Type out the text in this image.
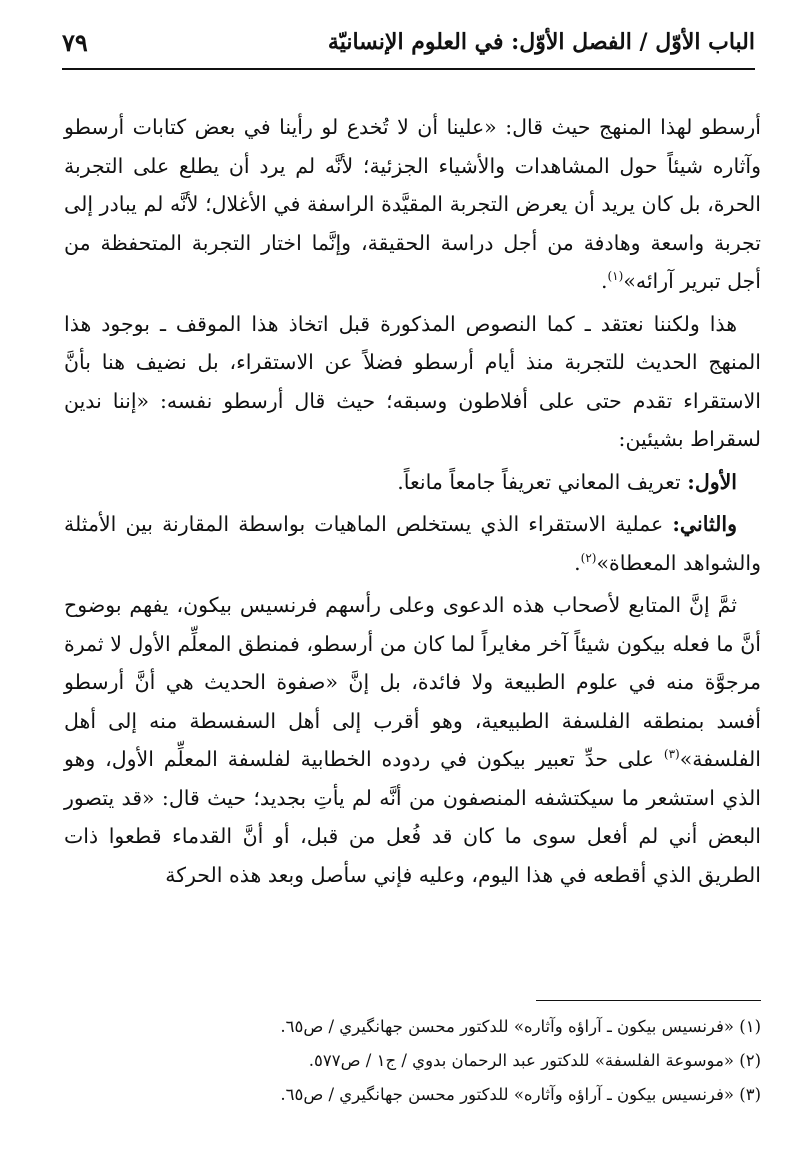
الباب الأوّل / الفصل الأوّل: في العلوم الإنسانيّة
٧٩

أرسطو لهذا المنهج حيث قال: «علينا أن لا تُخدع لو رأينا في بعض كتابات أرسطو وآثاره شيئاً حول المشاهدات والأشياء الجزئية؛ لأنَّه لم يرد أن يطلع على التجربة الحرة، بل كان يريد أن يعرض التجربة المقيَّدة الراسفة في الأغلال؛ لأنَّه لم يبادر إلى تجربة واسعة وهادفة من أجل دراسة الحقيقة، وإنَّما اختار التجربة المتحفظة من أجل تبرير آرائه»$^{(١)}$.

هذا ولكننا نعتقد ـ كما النصوص المذكورة قبل اتخاذ هذا الموقف ـ بوجود هذا المنهج الحديث للتجربة منذ أيام أرسطو فضلاً عن الاستقراء، بل نضيف هنا بأنَّ الاستقراء تقدم حتى على أفلاطون وسبقه؛ حيث قال أرسطو نفسه: «إننا ندين لسقراط بشيئين:

الأول: تعريف المعاني تعريفاً جامعاً مانعاً.

والثاني: عملية الاستقراء الذي يستخلص الماهيات بواسطة المقارنة بين الأمثلة والشواهد المعطاة»$^{(٢)}$.

ثمَّ إنَّ المتابع لأصحاب هذه الدعوى وعلى رأسهم فرنسيس بيكون، يفهم بوضوح أنَّ ما فعله بيكون شيئاً آخر مغايراً لما كان من أرسطو، فمنطق المعلِّم الأول لا ثمرة مرجوَّة منه في علوم الطبيعة ولا فائدة، بل إنَّ «صفوة الحديث هي أنَّ أرسطو أفسد بمنطقه الفلسفة الطبيعية، وهو أقرب إلى أهل السفسطة منه إلى أهل الفلسفة»$^{(٣)}$ على حدِّ تعبير بيكون في ردوده الخطابية لفلسفة المعلِّم الأول، وهو الذي استشعر ما سيكتشفه المنصفون من أنَّه لم يأتِ بجديد؛ حيث قال: «قد يتصور البعض أني لم أفعل سوى ما كان قد فُعل من قبل، أو أنَّ القدماء قطعوا ذات الطريق الذي أقطعه في هذا اليوم، وعليه فإني سأصل وبعد هذه الحركة

(١) «فرنسيس بيكون ـ آراؤه وآثاره» للدكتور محسن جهانگيري / ص٦٥.
(٢) «موسوعة الفلسفة» للدكتور عبد الرحمان بدوي / ج١ / ص٥٧٧.
(٣) «فرنسيس بيكون ـ آراؤه وآثاره» للدكتور محسن جهانگيري / ص٦٥.
